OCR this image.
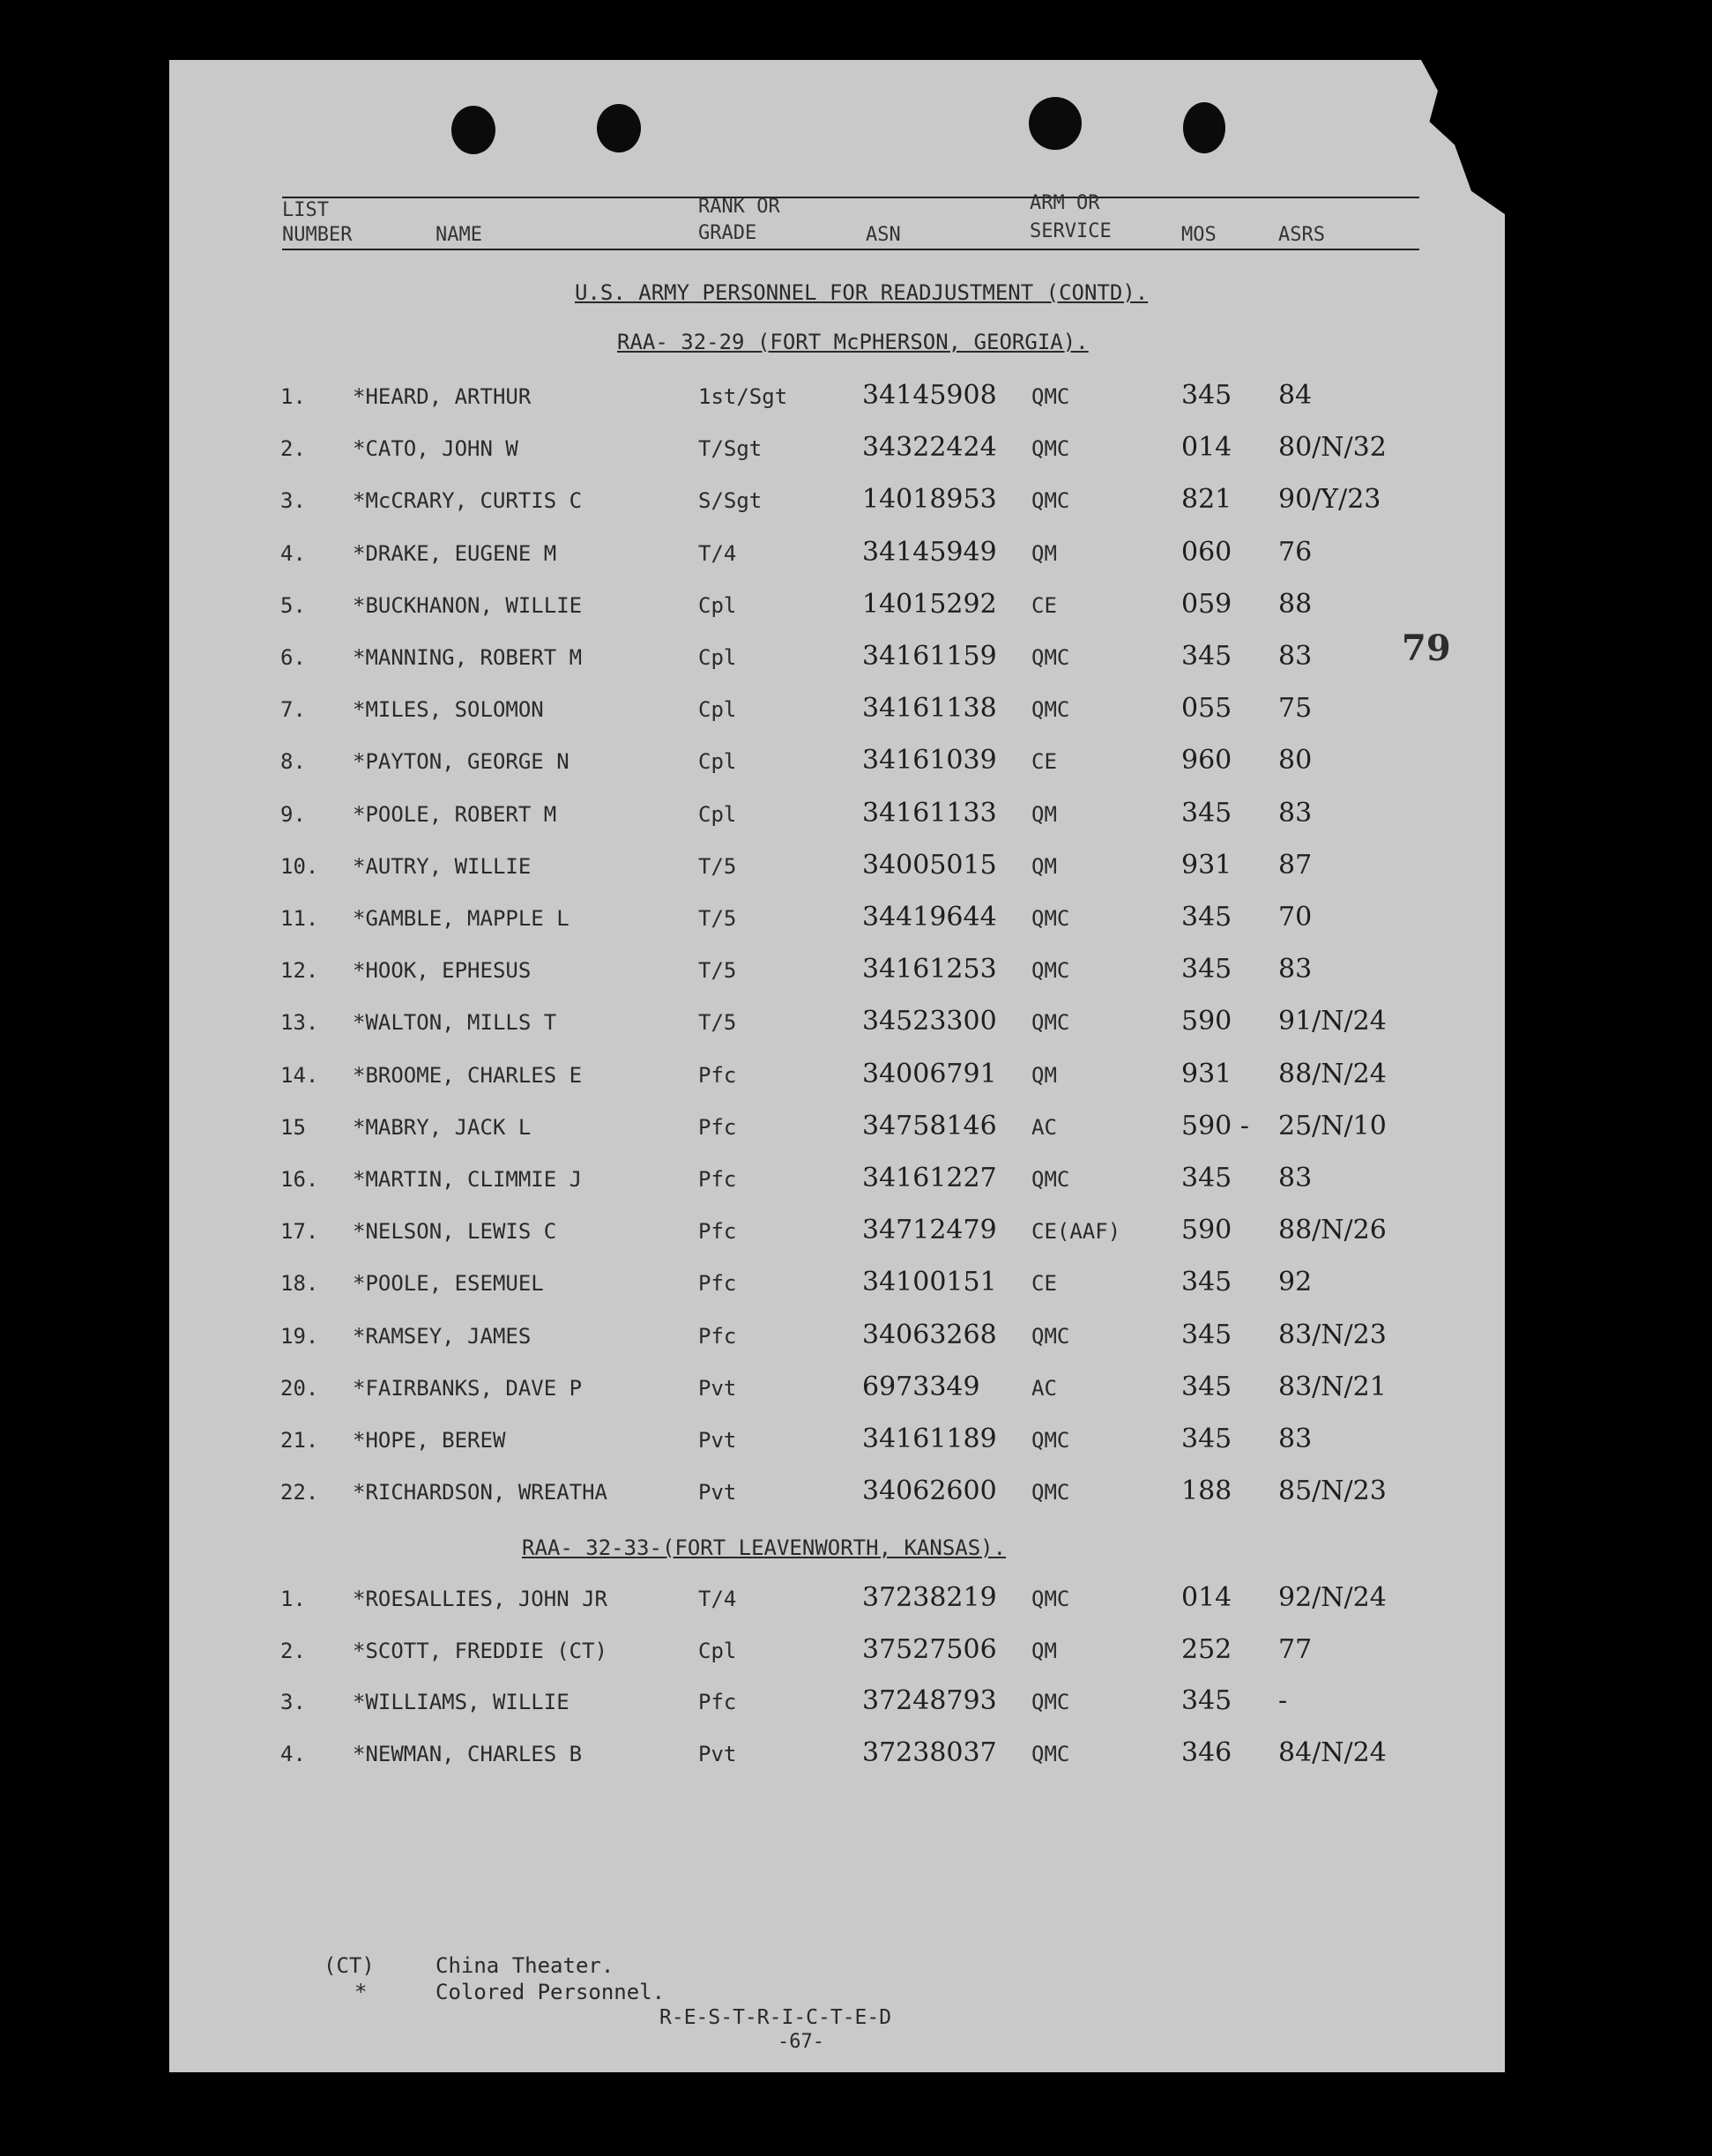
LIST
NUMBER	NAME
RANK OR
GRADE	ASN
ARM OR
SERVICE	MOS	ASRS
U.S. ARMY PERSONNEL FOR READJUSTMENT (CONTD).
RAA- 32-29 (FORT McPHERSON, GEORGIA).
1. *HEARD, ARTHUR	1st/Sgt	34145908 QMC	345 84
2. *CATO, JOHN W	T/Sgt	34322424 QMC	014 80/N/32
3. *McCRARY, CURTIS C	S/Sgt	14018953 QMC	821 90/Y/23
4. *DRAKE, EUGENE M	T/4	34145949 QM	060 76
5. *BUCKHANON, WILLIE	Cpl	14015292 CE	059 88
6. *MANNING, ROBERT M	Cpl	34161159 QMC	345 83
7. *MILES, SOLOMON	Cpl	34161138 QMC	055 75
8. *PAYTON, GEORGE N	Cpl	34161039 CE	960 80
9. *POOLE, ROBERT M	Cpl	34161133 QM	345 83
10. *AUTRY, WILLIE	T/5	34005015 QM	931 87
11. *GAMBLE, MAPPLE L	T/5	34419644 QMC	345 70
12. *HOOK, EPHESUS	T/5	34161253 QMC	345 83
13. *WALTON, MILLS T	T/5	34523300 QMC	590 91/N/24
14. *BROOME, CHARLES E	Pfc	34006791 QM	931 88/N/24
15 *MABRY, JACK L	Pfc	34758146 AC	590 - 25/N/10
16. *MARTIN, CLIMMIE J	Pfc	34161227 QMC	345 83
17. *NELSON, LEWIS C	Pfc	34712479 CE(AAF) 590 88/N/26
18. *POOLE, ESEMUEL	Pfc	34100151 CE	345 92
19. *RAMSEY, JAMES	Pfc	34063268 QMC	345 83/N/23
20. *FAIRBANKS, DAVE P	Pvt	6973349 AC	345 83/N/21
21. *HOPE, BEREW	Pvt	34161189 QMC	345 83
22. *RICHARDSON, WREATHA	Pvt	34062600 QMC	188 85/N/23
RAA- 32-33-(FORT LEAVENWORTH, KANSAS).
1. *ROESALLIES, JOHN JR	T/4	37238219 QMC	014 92/N/24
2. *SCOTT, FREDDIE (CT)	Cpl	37527506 QM	252 77
3. *WILLIAMS, WILLIE	Pfc	37248793 QMC	345 -
4. *NEWMAN, CHARLES B	Pvt	37238037 QMC	346 84/N/24
79
(CT)	China Theater.
*	Colored Personnel.
R-E-S-T-R-I-C-T-E-D
-67-
